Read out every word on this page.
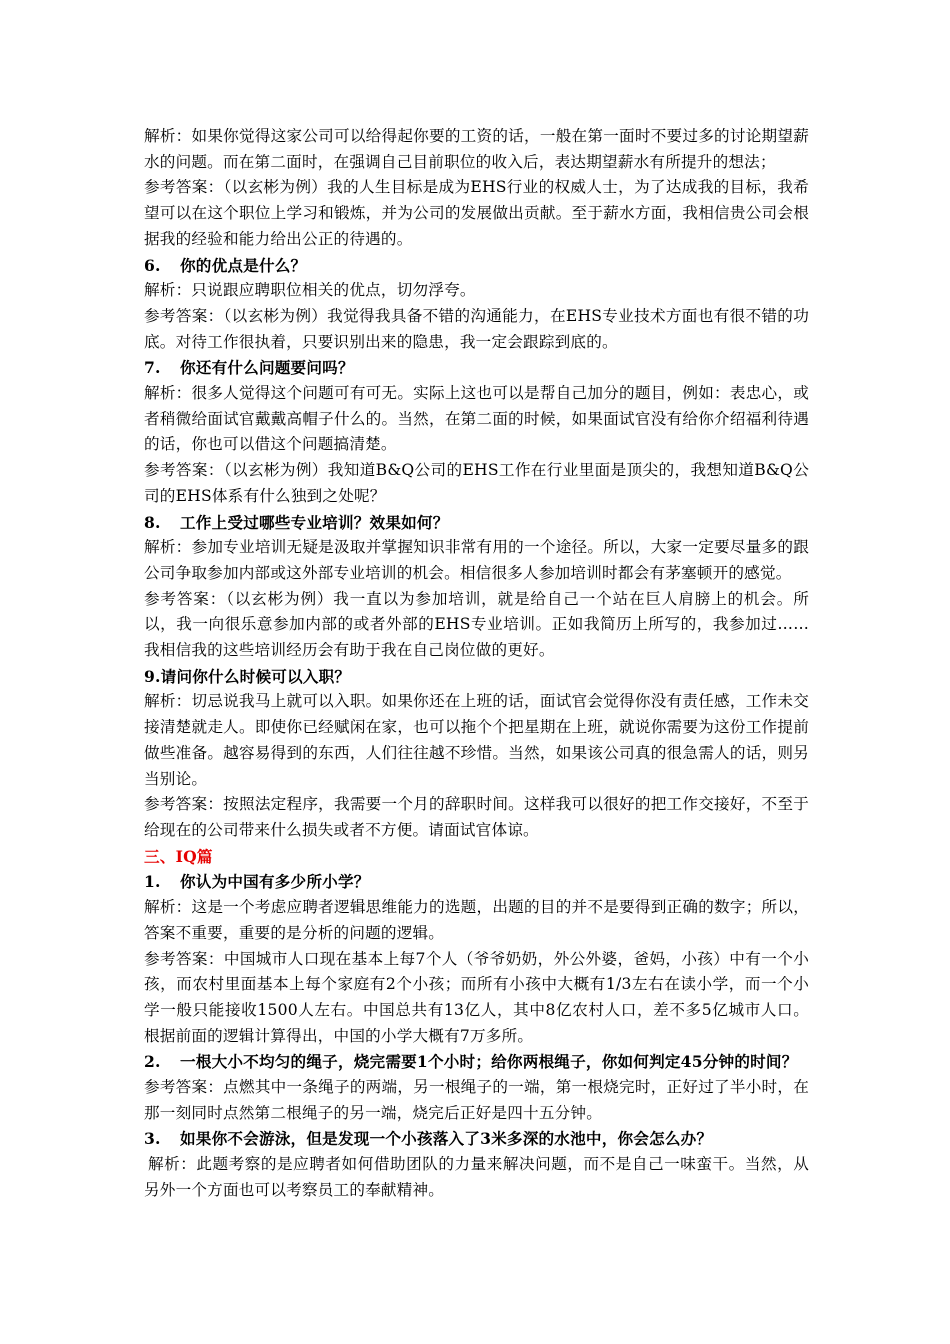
解析：如果你觉得这家公司可以给得起你要的工资的话，一般在第一面时不要过多的讨论期望薪水的问题。而在第二面时，在强调自己目前职位的收入后，表达期望薪水有所提升的想法；

参考答案：（以玄彬为例）我的人生目标是成为EHS行业的权威人士，为了达成我的目标，我希望可以在这个职位上学习和锻炼，并为公司的发展做出贡献。至于薪水方面，我相信贵公司会根据我的经验和能力给出公正的待遇的。

6. 你的优点是什么？

解析：只说跟应聘职位相关的优点，切勿浮夸。

参考答案：（以玄彬为例）我觉得我具备不错的沟通能力，在EHS专业技术方面也有很不错的功底。对待工作很执着，只要识别出来的隐患，我一定会跟踪到底的。

7. 你还有什么问题要问吗？

解析：很多人觉得这个问题可有可无。实际上这也可以是帮自己加分的题目，例如：表忠心，或者稍微给面试官戴戴高帽子什么的。当然，在第二面的时候，如果面试官没有给你介绍福利待遇的话，你也可以借这个问题搞清楚。

参考答案：（以玄彬为例）我知道B&Q公司的EHS工作在行业里面是顶尖的，我想知道B&Q公司的EHS体系有什么独到之处呢？

8. 工作上受过哪些专业培训？效果如何？

解析：参加专业培训无疑是汲取并掌握知识非常有用的一个途径。所以，大家一定要尽量多的跟公司争取参加内部或这外部专业培训的机会。相信很多人参加培训时都会有茅塞顿开的感觉。

参考答案：（以玄彬为例）我一直以为参加培训，就是给自己一个站在巨人肩膀上的机会。所以，我一向很乐意参加内部的或者外部的EHS专业培训。正如我简历上所写的，我参加过……我相信我的这些培训经历会有助于我在自己岗位做的更好。

9.请问你什么时候可以入职？

解析：切忌说我马上就可以入职。如果你还在上班的话，面试官会觉得你没有责任感，工作未交接清楚就走人。即使你已经赋闲在家，也可以拖个个把星期在上班，就说你需要为这份工作提前做些准备。越容易得到的东西，人们往往越不珍惜。当然，如果该公司真的很急需人的话，则另当别论。

参考答案：按照法定程序，我需要一个月的辞职时间。这样我可以很好的把工作交接好，不至于给现在的公司带来什么损失或者不方便。请面试官体谅。

三、IQ篇

1. 你认为中国有多少所小学？

解析：这是一个考虑应聘者逻辑思维能力的选题，出题的目的并不是要得到正确的数字；所以，答案不重要，重要的是分析的问题的逻辑。

参考答案：中国城市人口现在基本上每7个人（爷爷奶奶，外公外婆，爸妈，小孩）中有一个小孩，而农村里面基本上每个家庭有2个小孩；而所有小孩中大概有1/3左右在读小学，而一个小学一般只能接收1500人左右。中国总共有13亿人，其中8亿农村人口，差不多5亿城市人口。根据前面的逻辑计算得出，中国的小学大概有7万多所。

2. 一根大小不均匀的绳子，烧完需要1个小时；给你两根绳子，你如何判定45分钟的时间？

参考答案：点燃其中一条绳子的两端，另一根绳子的一端，第一根烧完时，正好过了半小时，在那一刻同时点然第二根绳子的另一端，烧完后正好是四十五分钟。

3. 如果你不会游泳，但是发现一个小孩落入了3米多深的水池中，你会怎么办？

解析：此题考察的是应聘者如何借助团队的力量来解决问题，而不是自己一味蛮干。当然，从另外一个方面也可以考察员工的奉献精神。
